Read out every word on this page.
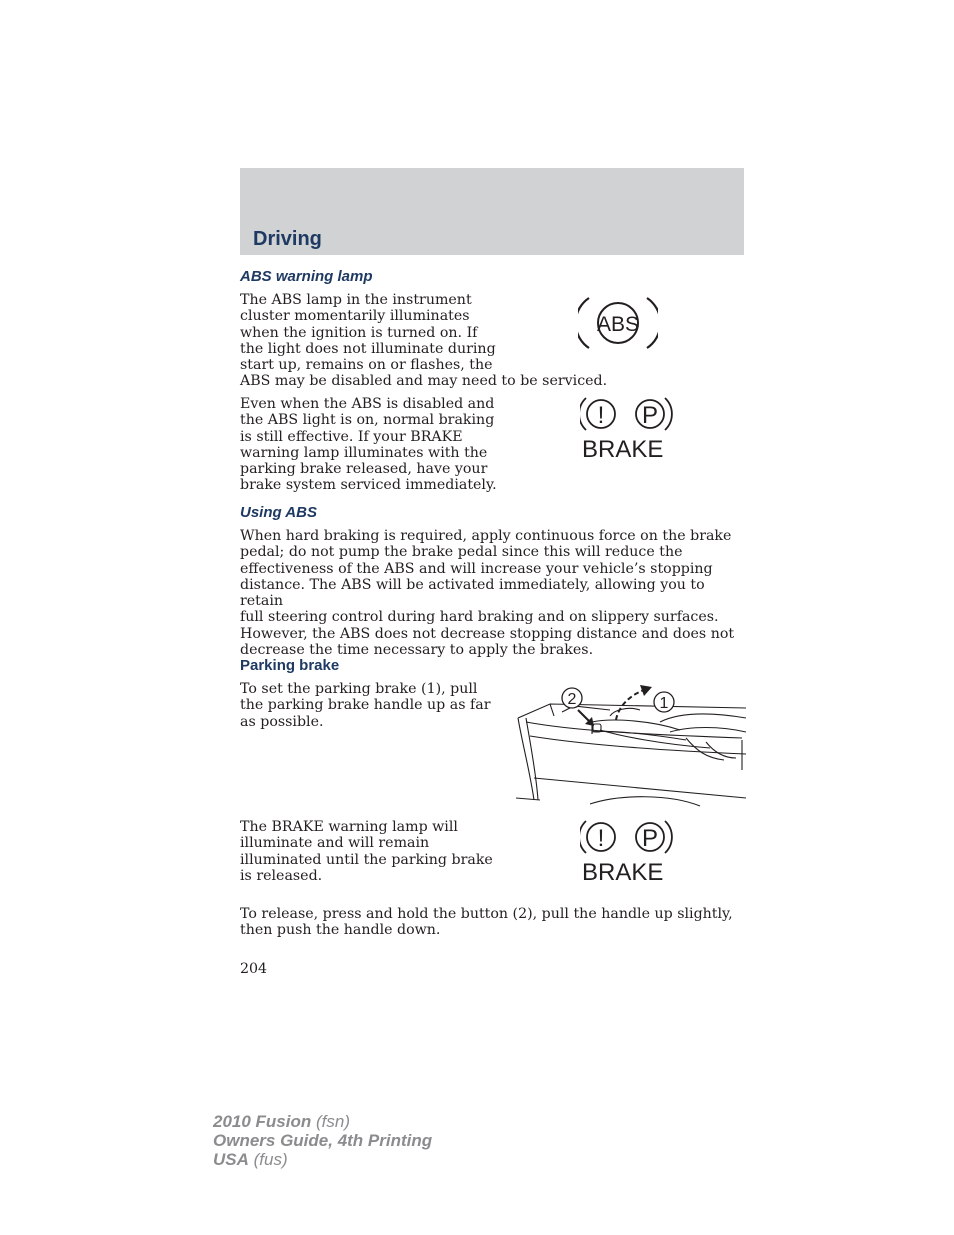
Driving
ABS warning lamp

The ABS lamp in the instrument

cluster momentarily illuminates

when the ignition is turned on. If

the light does not illuminate during

start up, remains on or flashes, the

ABS may be disabled and may need to be serviced.

ABS

Even when the ABS is disabled and

the ABS light is on, normal braking

is still effective. If your BRAKE

warning lamp illuminates with the

parking brake released, have your

brake system serviced immediately.

! P
BRAKE
Using ABS

When hard braking is required, apply continuous force on the brake

pedal; do not pump the brake pedal since this will reduce the

effectiveness of the ABS and will increase your vehicle’s stopping

distance. The ABS will be activated immediately, allowing you to retain

full steering control during hard braking and on slippery surfaces.

However, the ABS does not decrease stopping distance and does not

decrease the time necessary to apply the brakes.

Parking brake

To set the parking brake (1), pull

the parking brake handle up as far

as possible.

2	1

The BRAKE warning lamp will

illuminate and will remain

illuminated until the parking brake

is released.

! P
BRAKE

To release, press and hold the button (2), pull the handle up slightly,

then push the handle down.

204
2010 Fusion (fsn)
Owners Guide, 4th Printing
USA (fus)
